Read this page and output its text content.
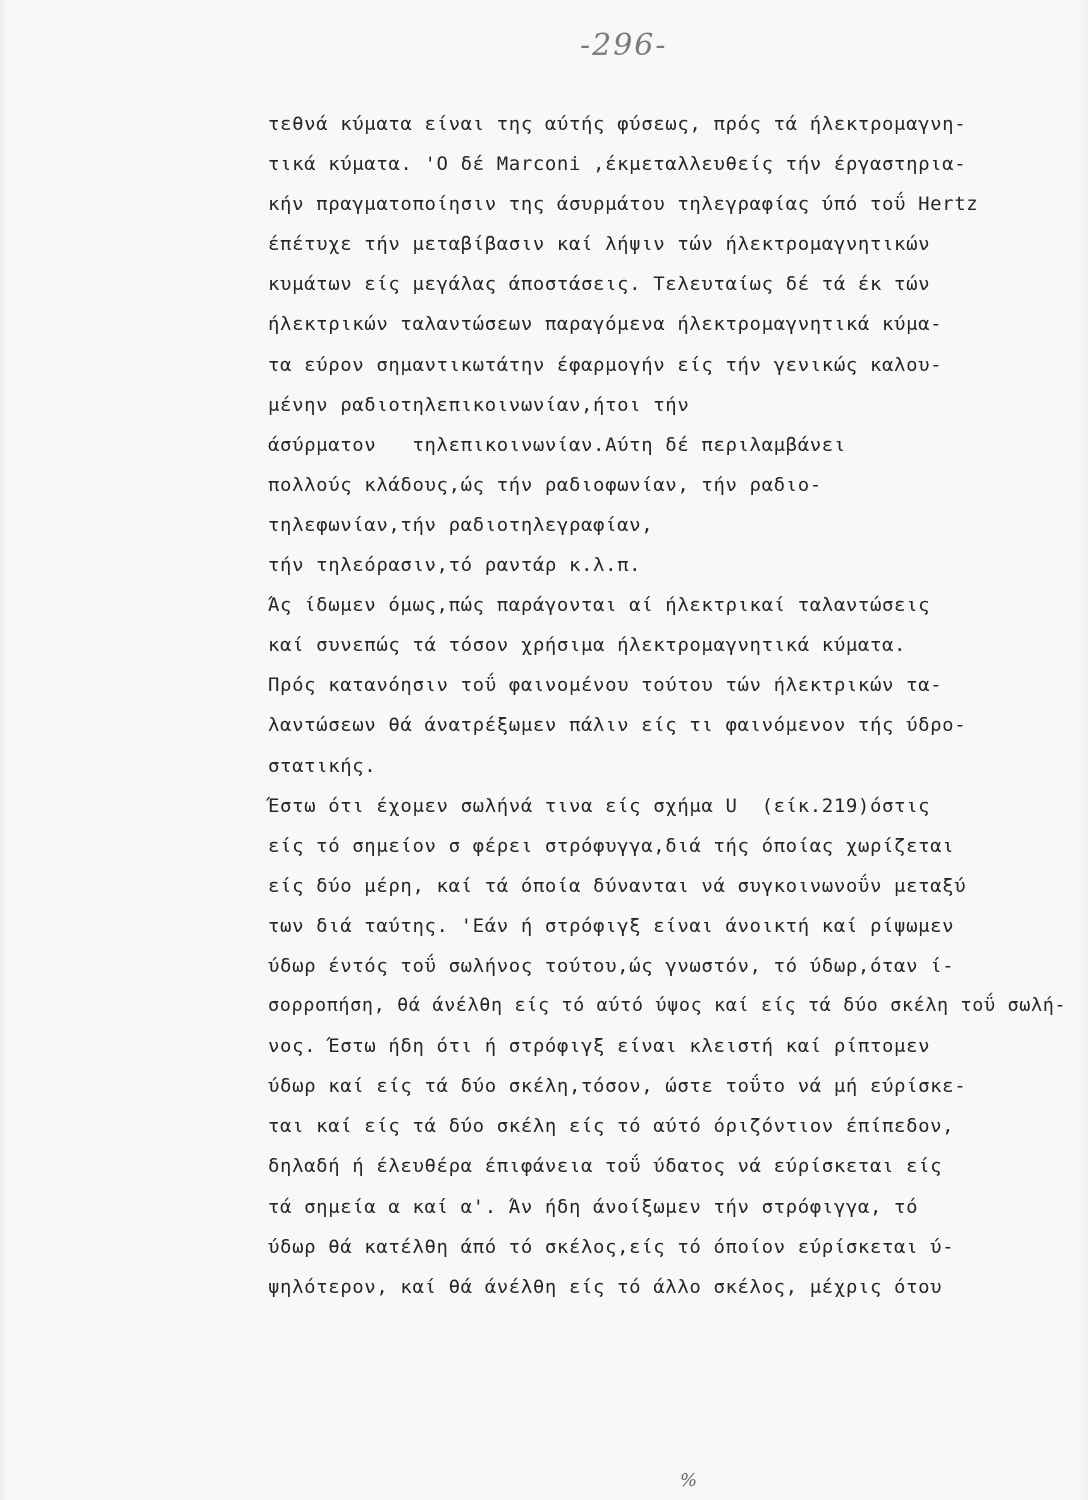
-296-
τεθνά κύματα είναι της αύτής φύσεως, πρός τά ήλεκτρομαγνη-
τικά κύματα. 'Ο δέ Marconi ,έκμεταλλευθείς τήν έργαστηρια-
κήν πραγματοποίησιν της άσυρμάτου τηλεγραφίας ύπό τοΰ Hertz
έπέτυχε τήν μεταβίβασιν καί λήψιν τών ήλεκτρομαγνητικών
κυμάτων είς μεγάλας άποστάσεις. Τελευταίως δέ τά έκ τών
ήλεκτρικών ταλαντώσεων παραγόμενα ήλεκτρομαγνητικά κύμα-
τα εύρον σημαντικωτάτην έφαρμογήν είς τήν γενικώς καλου-
μένην ραδιοτηλεπικοινωνίαν,ήτοι τήν
άσύρματον   τηλεπικοινωνίαν.Αύτη δέ περιλαμβάνει
πολλούς κλάδους,ώς τήν ραδιοφωνίαν, τήν ραδιο-
τηλεφωνίαν,τήν ραδιοτηλεγραφίαν,
τήν τηλεόρασιν,τό ραντάρ κ.λ.π.
Άς ίδωμεν όμως,πώς παράγονται αί ήλεκτρικαί ταλαντώσεις
καί συνεπώς τά τόσον χρήσιμα ήλεκτρομαγνητικά κύματα.
Πρός κατανόησιν τοΰ φαινομένου τούτου τών ήλεκτρικών τα-
λαντώσεων θά άνατρέξωμεν πάλιν είς τι φαινόμενον τής ύδρο-
στατικής.
Έστω ότι έχομεν σωλήνά τινα είς σχήμα U  (είκ.219)όστις
είς τό σημείον σ φέρει στρόφυγγα,διά τής όποίας χωρίζεται
είς δύο μέρη, καί τά όποία δύνανται νά συγκοινωνοΰν μεταξύ
των διά ταύτης. 'Εάν ή στρόφιγξ είναι άνοικτή καί ρίψωμεν
ύδωρ έντός τοΰ σωλήνος τούτου,ώς γνωστόν, τό ύδωρ,όταν ί-
σορροπήση, θά άνέλθη είς τό αύτό ύψος καί είς τά δύο σκέλη τοΰ σωλή-
νος. Έστω ήδη ότι ή στρόφιγξ είναι κλειστή καί ρίπτομεν
ύδωρ καί είς τά δύο σκέλη,τόσον, ώστε τοΰτο νά μή εύρίσκε-
ται καί είς τά δύο σκέλη είς τό αύτό όριζόντιον έπίπεδον,
δηλαδή ή έλευθέρα έπιφάνεια τοΰ ύδατος νά εύρίσκεται είς
τά σημεία α καί α'. Άν ήδη άνοίξωμεν τήν στρόφιγγα, τό
ύδωρ θά κατέλθη άπό τό σκέλος,είς τό όποίον εύρίσκεται ύ-
ψηλότερον, καί θά άνέλθη είς τό άλλο σκέλος, μέχρις ότου
%
